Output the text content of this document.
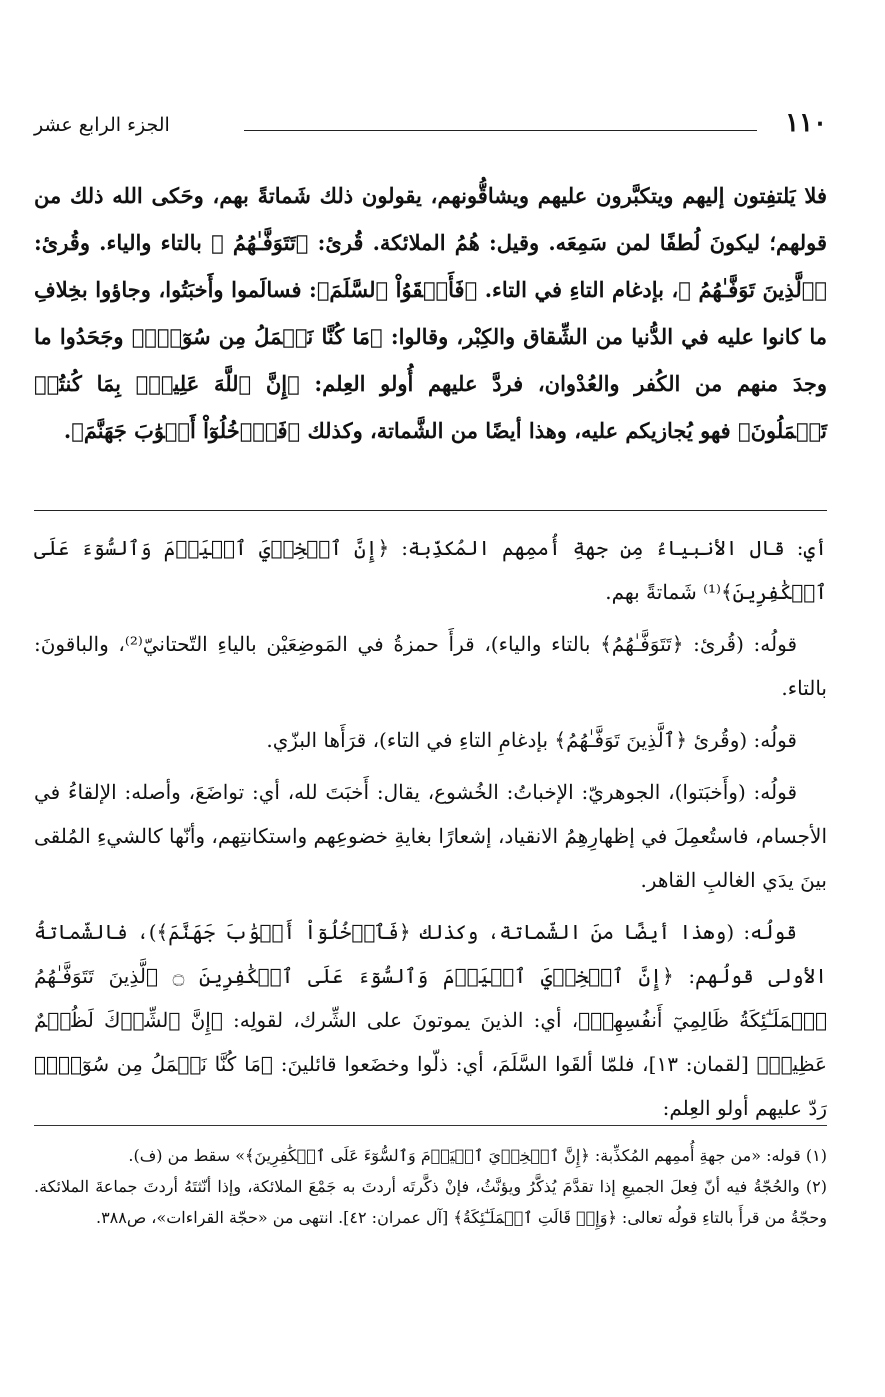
١١٠
الجزء الرابع عشر

فلا يَلتفِتون إليهم ويتكبَّرون عليهم ويشاقُّونهم، يقولون ذلك شَماتةً بهم، وحَكى الله ذلك من قولهم؛ ليكونَ لُطفًا لمن سَمِعَه. وقيل: هُمُ الملائكة. قُرئ: ﴿تَتَوَفَّـٰهُمُ ﴾ بالتاء والياء. وقُرئ: ﴿ٱلَّذِينَ تَوَفَّـٰهُمُ ﴾، بإدغام التاءِ في التاء. ﴿فَأَلۡقَوُاْ ٱلسَّلَمَ﴾: فسالَموا وأَخبَتُوا، وجاؤوا بخِلافِ ما كانوا عليه في الدُّنيا من الشِّقاق والكِبْر، وقالوا: ﴿مَا كُنَّا نَعۡمَلُ مِن سُوٓءِۭ﴾ وجَحَدُوا ما وجدَ منهم من الكُفر والعُدْوان، فردَّ عليهم أُولو العِلم: ﴿إِنَّ ٱللَّهَ عَلِيمُۢ بِمَا كُنتُمۡ تَعۡمَلُونَ﴾ فهو يُجازيكم عليه، وهذا أيضًا من الشَّماتة، وكذلك ﴿فَٱدۡخُلُوٓاْ أَبۡوَٰبَ جَهَنَّمَ﴾.

أي: قال الأنبياءُ مِن جهةِ أُممِهم المُكذِّبة: ﴿إِنَّ ٱلۡخِزۡيَ ٱلۡيَوۡمَ وَٱلسُّوٓءَ عَلَى ٱلۡكَٰفِرِينَ﴾⁽¹⁾ شَماتةً بهم.

قولُه: (قُرئ: ﴿تَتَوَفَّـٰهُمُ﴾ بالتاء والياء)، قرأَ حمزةُ في المَوضِعَيْن بالياءِ التّحتانيّ⁽²⁾، والباقونَ: بالتاء.

قولُه: (وقُرئ ﴿ٱلَّذِينَ تَوَفَّـٰهُمُ﴾ بإدغامِ التاءِ في التاء)، قرَأَها البزّي.

قولُه: (وأَخبَتوا)، الجوهريّ: الإخباتُ: الخُشوع، يقال: أَخبَتَ لله، أي: تواضَعَ، وأصله: الإلقاءُ في الأجسام، فاستُعمِلَ في إظهارِهِمُ الانقياد، إشعارًا بغايةِ خضوعِهم واستكانتِهم، وأنّها كالشيءِ المُلقى بينَ يدَي الغالبِ القاهر.

قولُه: (وهذا أيضًا منَ الشّماتة، وكذلك ﴿فَٱدۡخُلُوٓاْ أَبۡوَٰبَ جَهَنَّمَ﴾)، فالشّماتةُ الأولى قولُهم: ﴿إِنَّ ٱلۡخِزۡيَ ٱلۡيَوۡمَ وَٱلسُّوٓءَ عَلَى ٱلۡكَٰفِرِينَ ۝ ٱلَّذِينَ تَتَوَفَّـٰهُمُ ٱلۡمَلَـٰٓئِكَةُ ظَالِمِيٓ أَنفُسِهِمۡ﴾، أي: الذينَ يموتونَ على الشِّرك، لقولِه: ﴿إِنَّ ٱلشِّرۡكَ لَظُلۡمٌ عَظِيمٞ﴾ [لقمان: ١٣]، فلمّا ألقَوا السَّلَمَ، أي: ذلّوا وخضَعوا قائلينَ: ﴿مَا كُنَّا نَعۡمَلُ مِن سُوٓءِۭ﴾ رَدّ عليهم أولو العِلم:

(١) قوله: «من جهةِ أُممِهم المُكذِّبة: ﴿إِنَّ ٱلۡخِزۡيَ ٱلۡيَوۡمَ وَٱلسُّوٓءَ عَلَى ٱلۡكَٰفِرِينَ﴾» سقط من (ف).

(٢) والحُجّةُ فيه أنّ فِعلَ الجميعِ إذا تقدَّمَ يُذكَّرُ ويؤنَّثُ، فإنْ ذكَّرتَه أردتَ به جَمْعَ الملائكة، وإذا أنّثتَهُ أردتَ جماعةَ الملائكة. وحجّةُ من قرأَ بالتاءِ قولُه تعالى: ﴿وَإِذۡ قَالَتِ ٱلۡمَلَـٰٓئِكَةُ﴾ [آل عمران: ٤٢]. انتهى من «حجّة القراءات»، ص٣٨٨.
